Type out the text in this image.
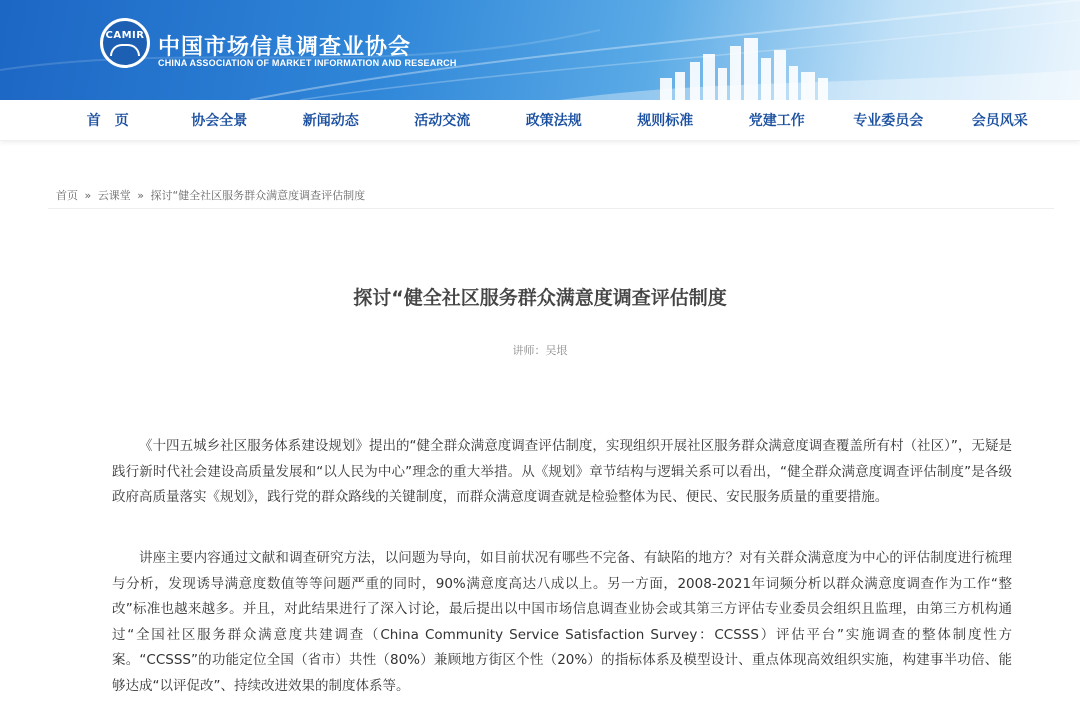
CAMIR 中国市场信息调查业协会
CHINA ASSOCIATION OF MARKET INFORMATION AND RESEARCH
首　页	协会全景	新闻动态	活动交流	政策法规	规则标准	党建工作	专业委员会	会员风采
首页 » 云课堂 » 探讨“健全社区服务群众满意度调查评估制度
探讨“健全社区服务群众满意度调查评估制度
讲师：吴垠

《十四五城乡社区服务体系建设规划》提出的“健全群众满意度调查评估制度，实现组织开展社区服务群众满意度调查覆盖所有村（社区）”，无疑是践行新时代社会建设高质量发展和“以人民为中心”理念的重大举措。从《规划》章节结构与逻辑关系可以看出，“健全群众满意度调查评估制度”是各级政府高质量落实《规划》，践行党的群众路线的关键制度，而群众满意度调查就是检验整体为民、便民、安民服务质量的重要措施。

讲座主要内容通过文献和调查研究方法，以问题为导向，如目前状况有哪些不完备、有缺陷的地方？对有关群众满意度为中心的评估制度进行梳理与分析，发现诱导满意度数值等等问题严重的同时，90%满意度高达八成以上。另一方面，2008-2021年词频分析以群众满意度调查作为工作“整改”标准也越来越多。并且，对此结果进行了深入讨论，最后提出以中国市场信息调查业协会或其第三方评估专业委员会组织且监理，由第三方机构通过“全国社区服务群众满意度共建调查（China Community Service Satisfaction Survey：CCSSS）评估平台”实施调查的整体制度性方案。“CCSSS”的功能定位全国（省市）共性（80%）兼顾地方街区个性（20%）的指标体系及模型设计、重点体现高效组织实施，构建事半功倍、能够达成“以评促改”、持续改进效果的制度体系等。
